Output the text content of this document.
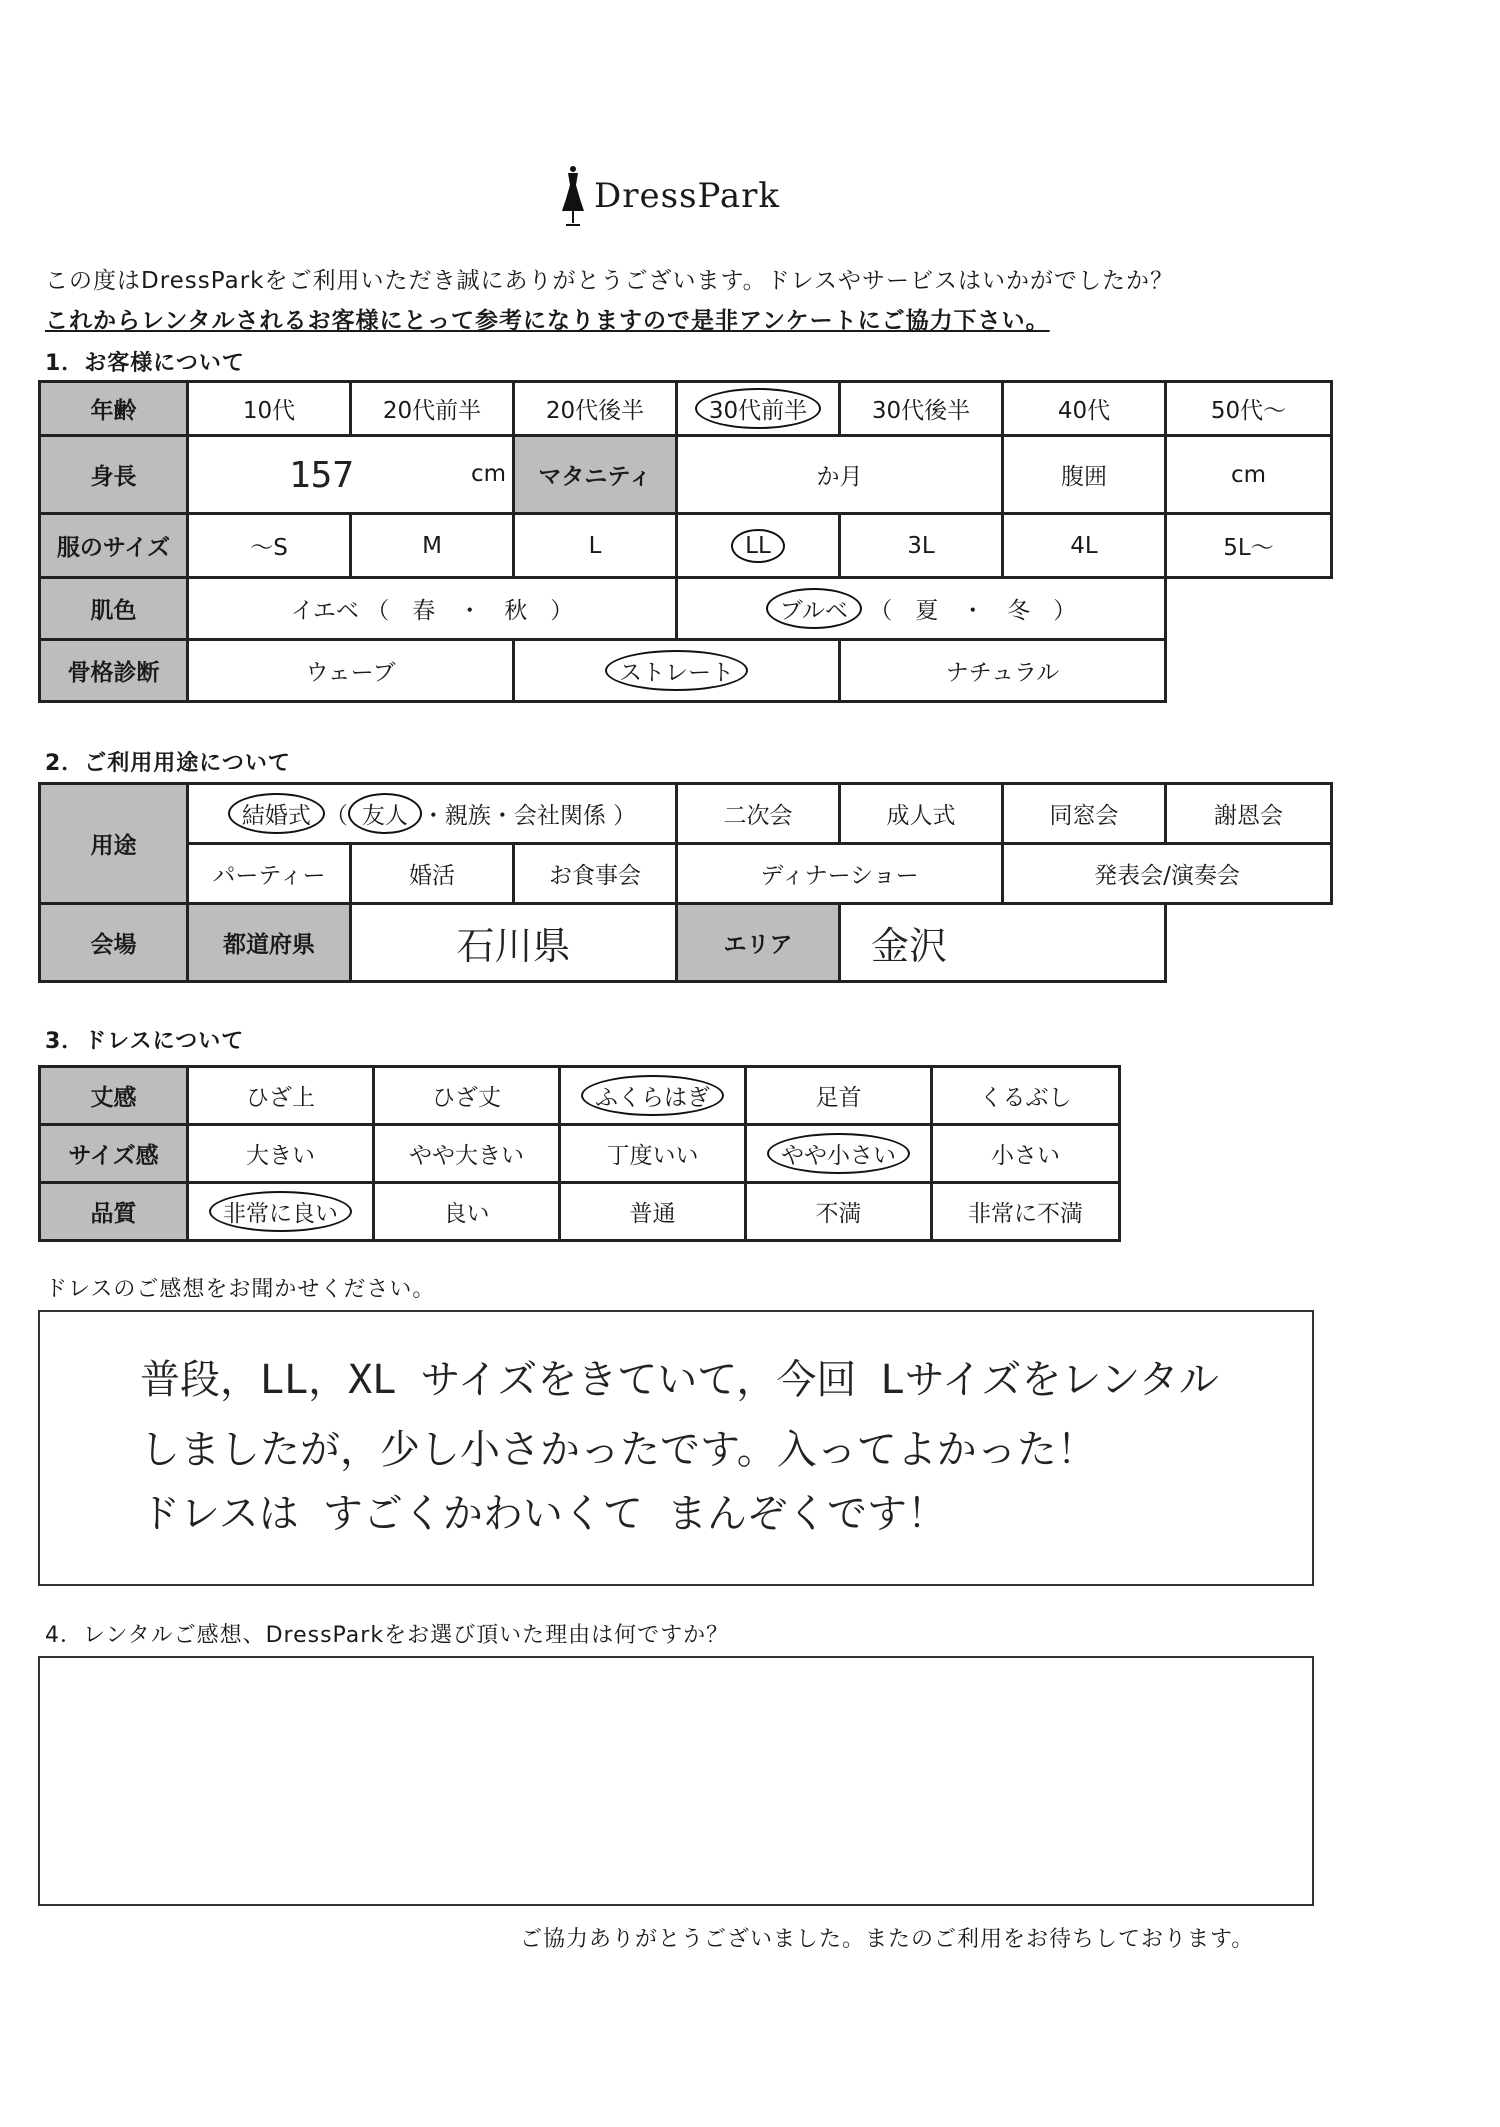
DressPark
この度はDressParkをご利用いただき誠にありがとうございます。ドレスやサービスはいかがでしたか？
これからレンタルされるお客様にとって参考になりますので是非アンケートにご協力下さい。
1．お客様について
年齢	10代	20代前半	20代後半	30代前半	30代後半	40代	50代～
身長	157 cm		マタニティ	か月		腹囲	cm
服のサイズ	～S	M	L	LL	3L	4L	5L～
肌色	イエベ （　春　・　秋　）			ブルベ （　夏　・　冬　）			
骨格診断	ウェーブ		ストレート		ナチュラル		
2．ご利用用途について
用途	結婚式 （ 友人 ・親族・会社関係 ）			二次会	成人式	同窓会	謝恩会
	パーティー	婚活	お食事会	ディナーショー		発表会/演奏会	
会場	都道府県	石川県		エリア	金沢		
3．ドレスについて
丈感	ひざ上	ひざ丈	ふくらはぎ	足首	くるぶし
サイズ感	大きい	やや大きい	丁度いい	やや小さい	小さい
品質	非常に良い	良い	普通	不満	非常に不満
ドレスのご感想をお聞かせください。
普段，LL，XL サイズをきていて，今回 Lサイズをレンタル
しましたが，少し小さかったです。入ってよかった！
ドレスは すごくかわいくて まんぞくです！
4．レンタルご感想、DressParkをお選び頂いた理由は何ですか？
ご協力ありがとうございました。またのご利用をお待ちしております。
